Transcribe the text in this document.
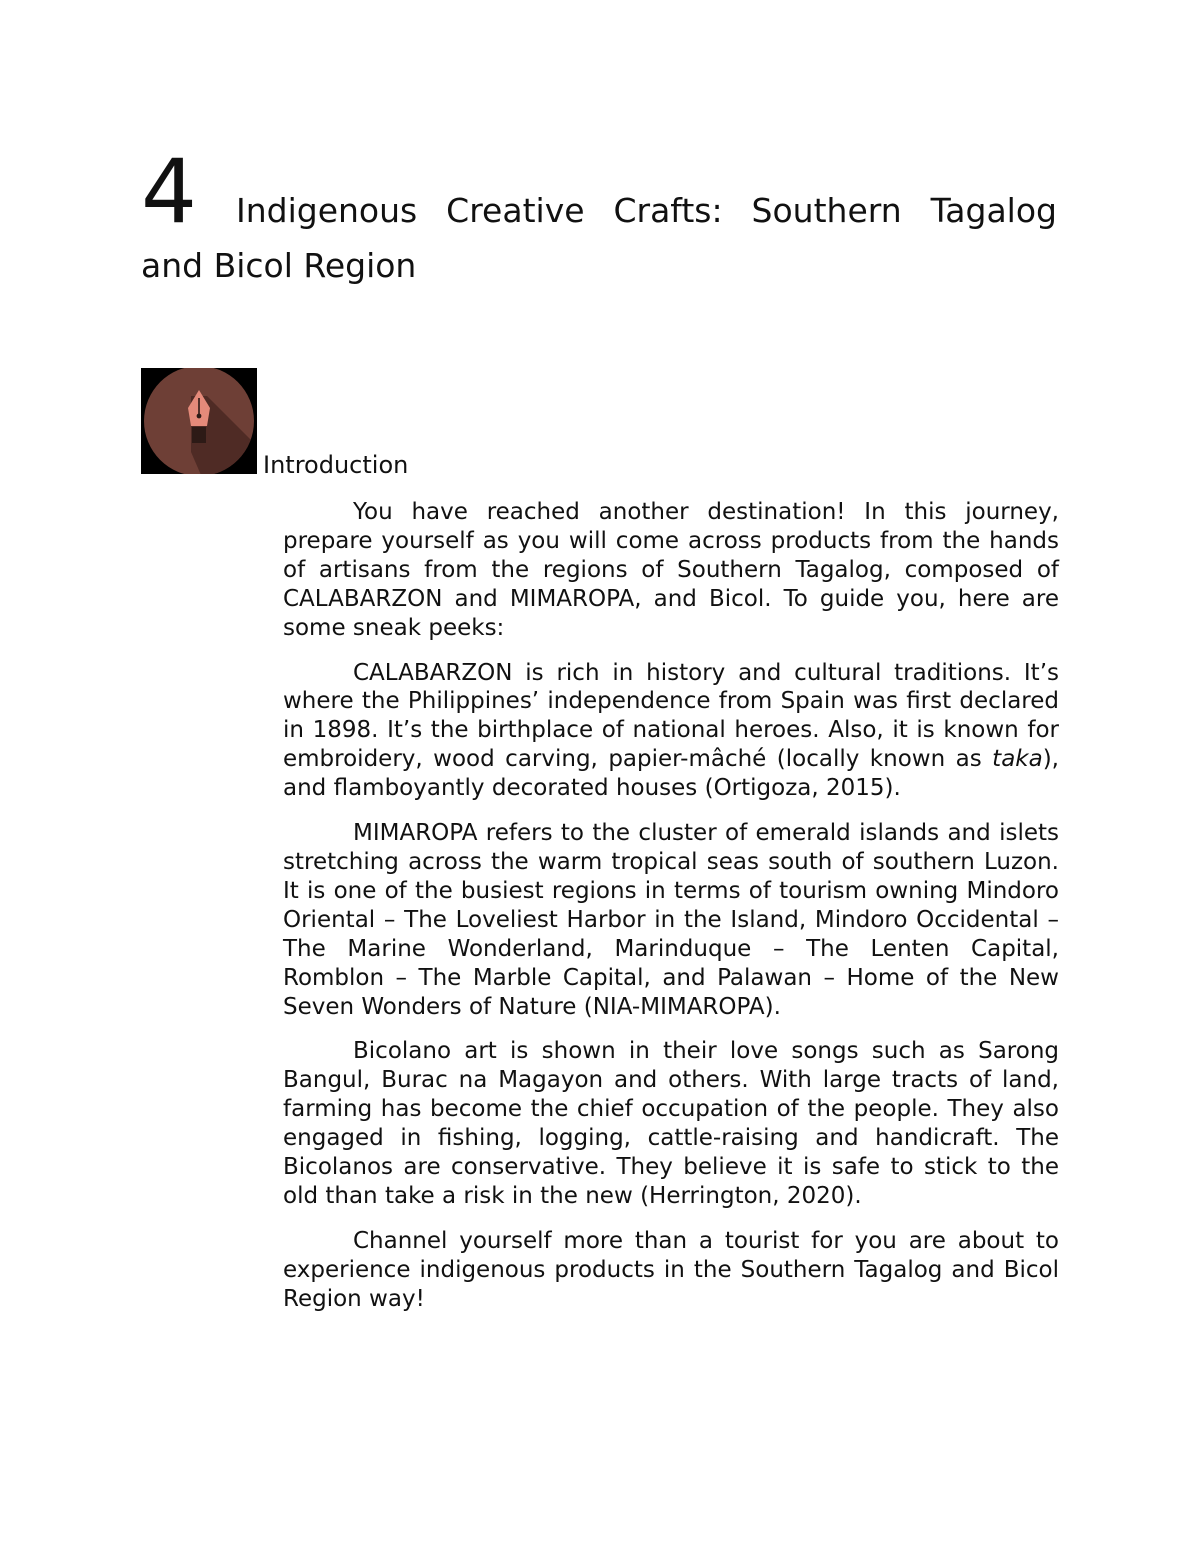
4	Indigenous Creative Crafts: Southern Tagalog
and Bicol Region
Introduction

You have reached another destination! In this journey, prepare yourself as you will come across products from the hands of artisans from the regions of Southern Tagalog, composed of CALABARZON and MIMAROPA, and Bicol. To guide you, here are some sneak peeks:

CALABARZON is rich in history and cultural traditions. It’s where the Philippines’ independence from Spain was first declared in 1898. It’s the birthplace of national heroes. Also, it is known for embroidery, wood carving, papier-mâché (locally known as taka), and flamboyantly decorated houses (Ortigoza, 2015).

MIMAROPA refers to the cluster of emerald islands and islets stretching across the warm tropical seas south of southern Luzon. It is one of the busiest regions in terms of tourism owning Mindoro Oriental – The Loveliest Harbor in the Island, Mindoro Occidental – The Marine Wonderland, Marinduque – The Lenten Capital, Romblon – The Marble Capital, and Palawan – Home of the New Seven Wonders of Nature (NIA-MIMAROPA).

Bicolano art is shown in their love songs such as Sarong Bangul, Burac na Magayon and others. With large tracts of land, farming has become the chief occupation of the people. They also engaged in fishing, logging, cattle-raising and handicraft. The Bicolanos are conservative. They believe it is safe to stick to the old than take a risk in the new (Herrington, 2020).

Channel yourself more than a tourist for you are about to experience indigenous products in the Southern Tagalog and Bicol Region way!
